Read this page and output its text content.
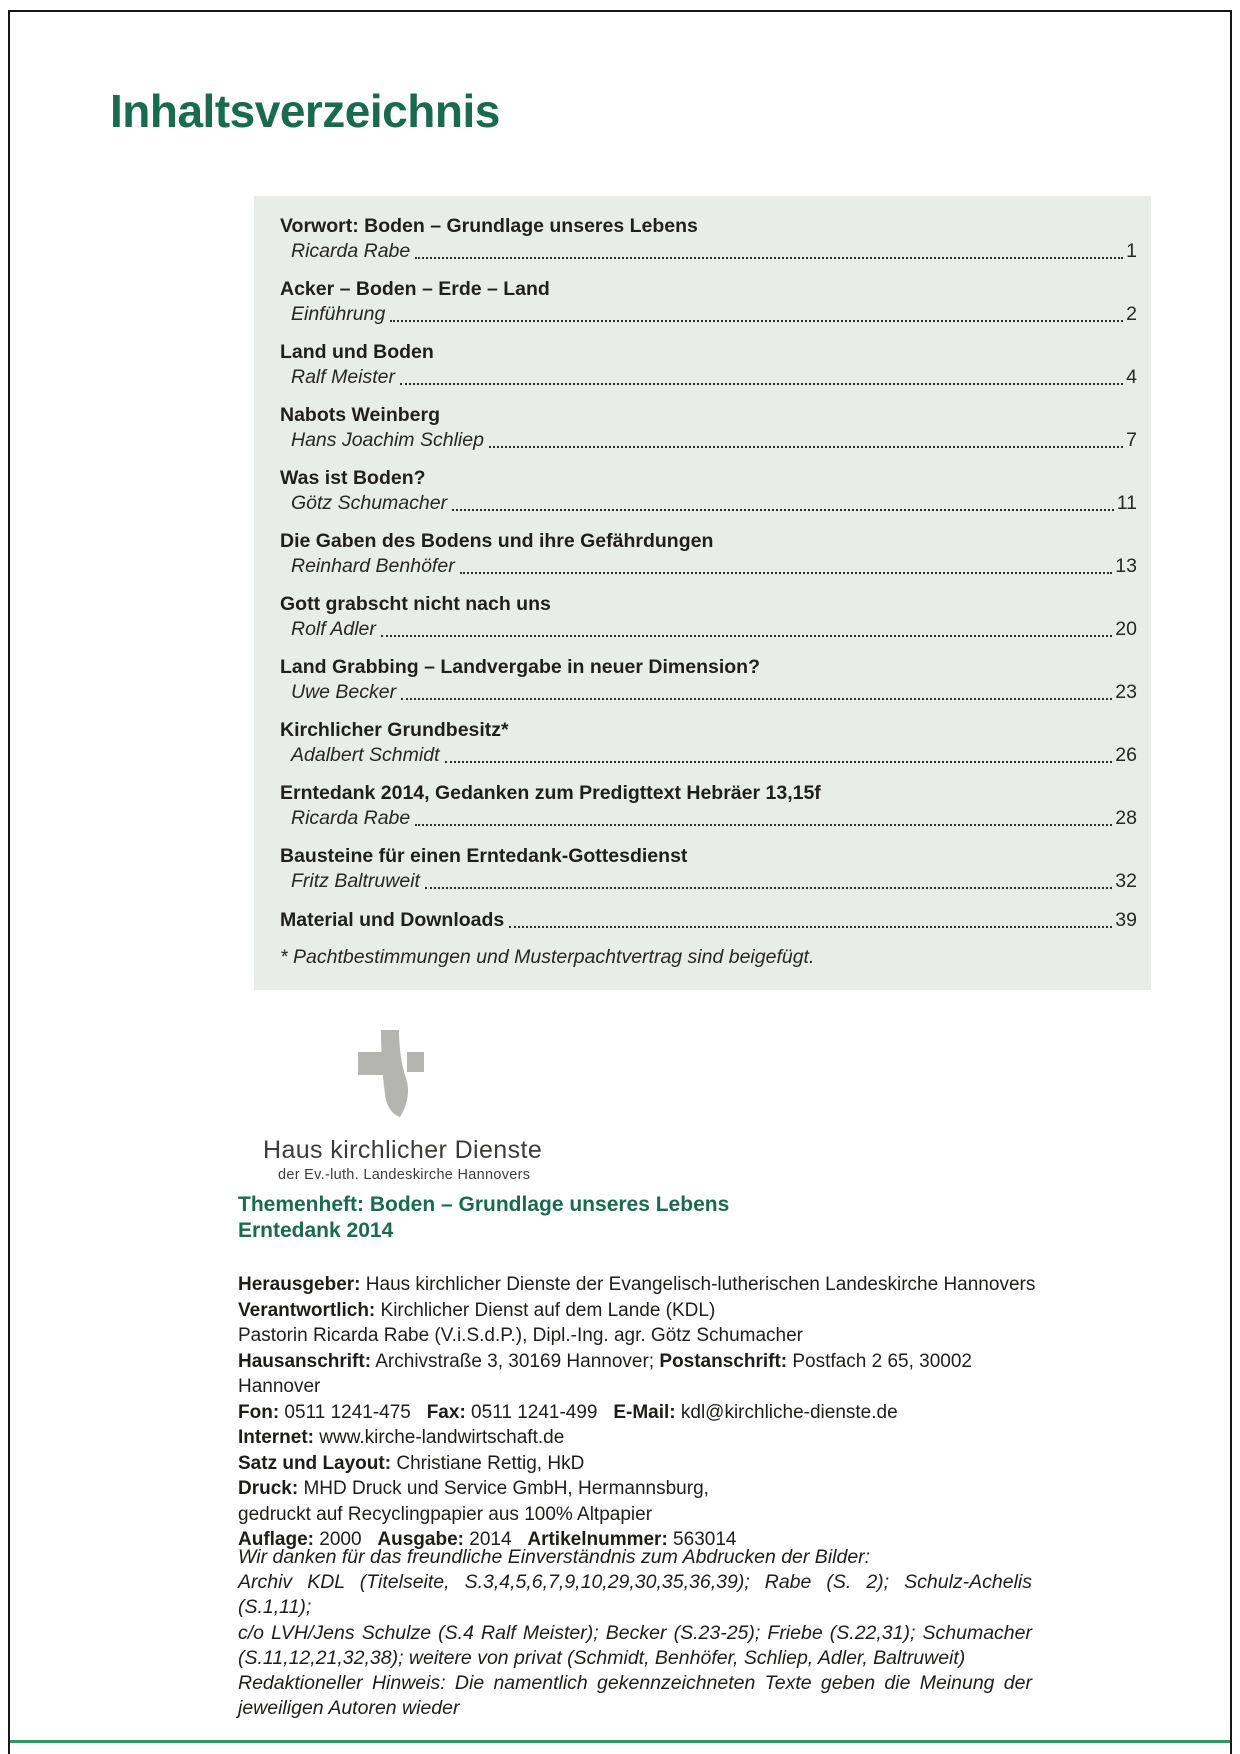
Inhaltsverzeichnis
Vorwort: Boden – Grundlage unseres Lebens
Ricarda Rabe	1
Acker – Boden – Erde – Land
Einführung	2
Land und Boden
Ralf Meister	4
Nabots Weinberg
Hans Joachim Schliep	7
Was ist Boden?
Götz Schumacher	11
Die Gaben des Bodens und ihre Gefährdungen
Reinhard Benhöfer	13
Gott grabscht nicht nach uns
Rolf Adler	20
Land Grabbing – Landvergabe in neuer Dimension?
Uwe Becker	23
Kirchlicher Grundbesitz*
Adalbert Schmidt	26
Erntedank 2014, Gedanken zum Predigttext Hebräer 13,15f
Ricarda Rabe	28
Bausteine für einen Erntedank-Gottesdienst
Fritz Baltruweit	32
Material und Downloads	39
* Pachtbestimmungen und Musterpachtvertrag sind beigefügt.
Haus kirchlicher Dienste
der Ev.-luth. Landeskirche Hannovers
Themenheft: Boden – Grundlage unseres Lebens
Erntedank 2014
Herausgeber: Haus kirchlicher Dienste der Evangelisch-lutherischen Landeskirche Hannovers
Verantwortlich: Kirchlicher Dienst auf dem Lande (KDL)
Pastorin Ricarda Rabe (V.i.S.d.P.), Dipl.-Ing. agr. Götz Schumacher
Hausanschrift: Archivstraße 3, 30169 Hannover; Postanschrift: Postfach 2 65, 30002 Hannover
Fon: 0511 1241-475   Fax: 0511 1241-499   E-Mail: kdl@kirchliche-dienste.de
Internet: www.kirche-landwirtschaft.de
Satz und Layout: Christiane Rettig, HkD
Druck: MHD Druck und Service GmbH, Hermannsburg,
gedruckt auf Recyclingpapier aus 100% Altpapier
Auflage: 2000   Ausgabe: 2014   Artikelnummer: 563014
Wir danken für das freundliche Einverständnis zum Abdrucken der Bilder:
Archiv KDL (Titelseite, S.3,4,5,6,7,9,10,29,30,35,36,39); Rabe (S. 2); Schulz-Achelis (S.1,11);
c/o LVH/Jens Schulze (S.4 Ralf Meister); Becker (S.23-25); Friebe (S.22,31); Schumacher
(S.11,12,21,32,38); weitere von privat (Schmidt, Benhöfer, Schliep, Adler, Baltruweit)
Redaktioneller Hinweis: Die namentlich gekennzeichneten Texte geben die Meinung der
jeweiligen Autoren wieder
